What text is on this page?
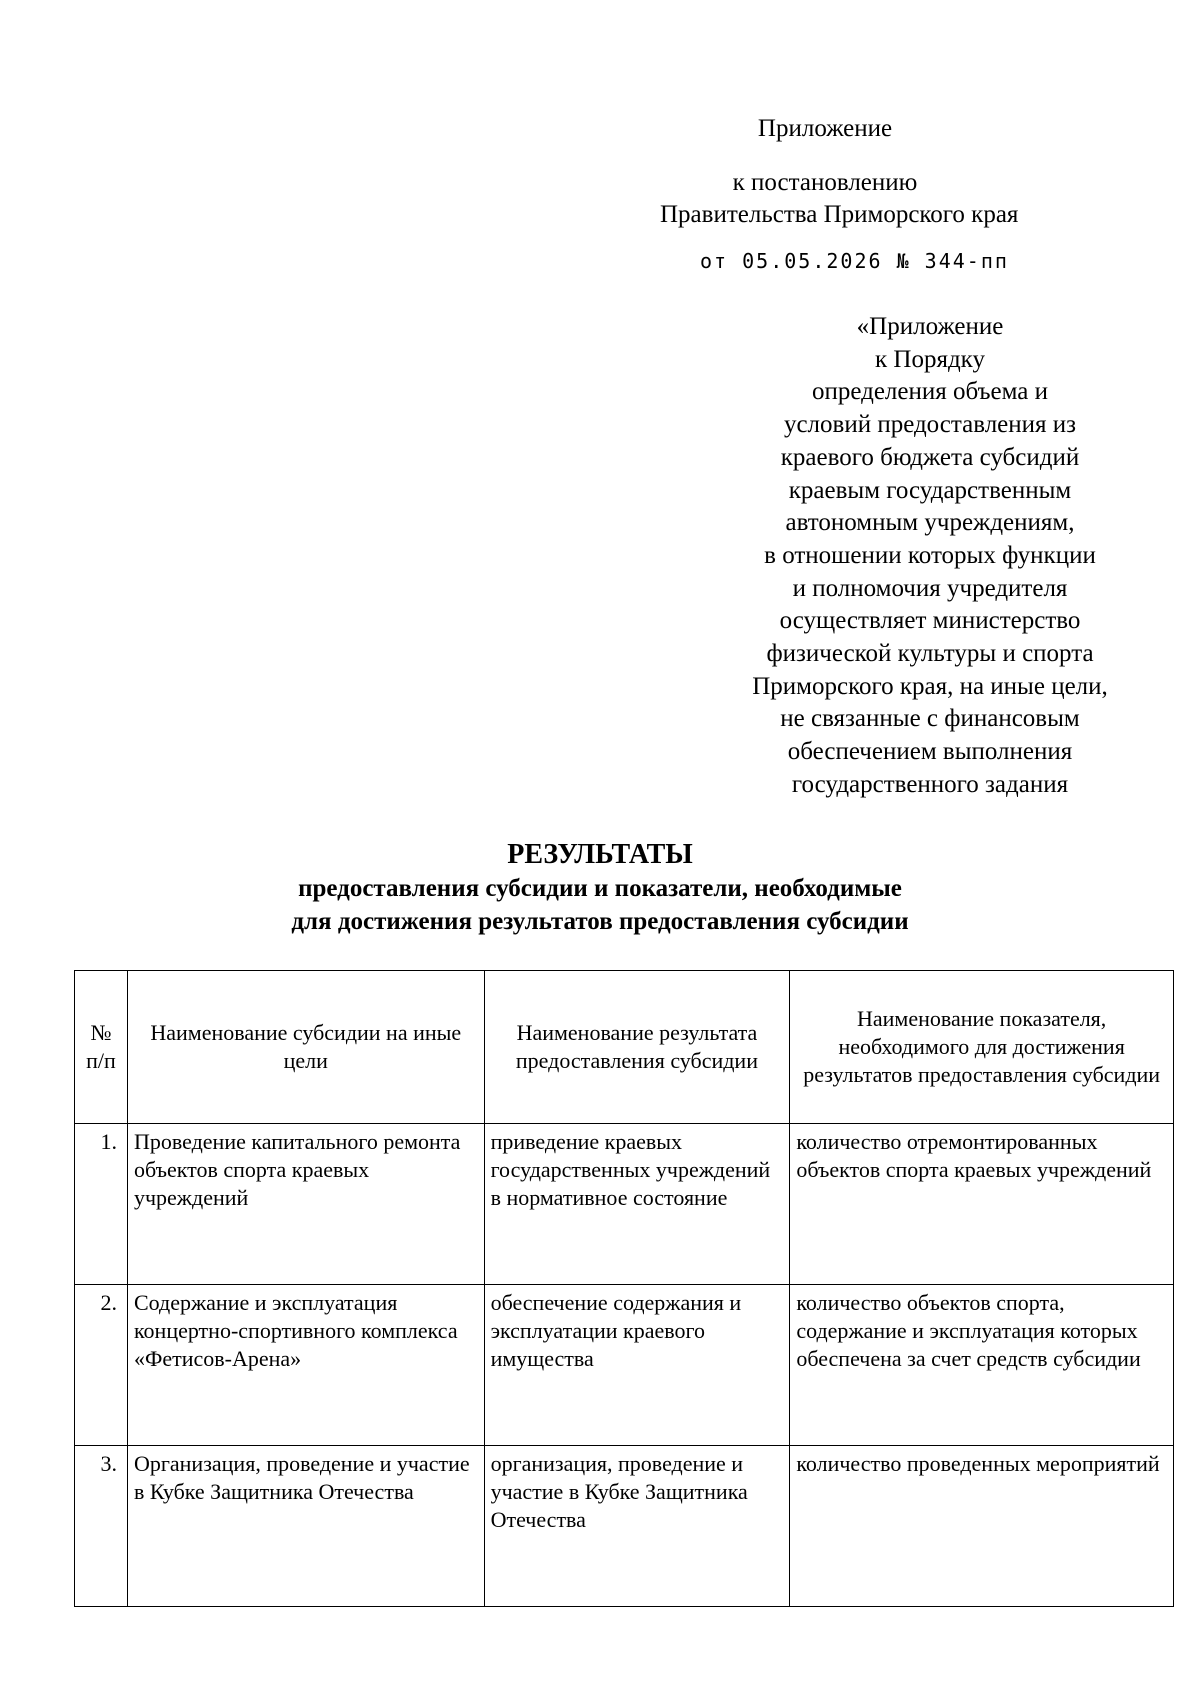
Приложение
к постановлению
Правительства Приморского края
от 05.05.2026 № 344-пп
«Приложение
к Порядку
определения объема и
условий предоставления из
краевого бюджета субсидий
краевым государственным
автономным учреждениям,
в отношении которых функции
и полномочия учредителя
осуществляет министерство
физической культуры и спорта
Приморского края, на иные цели,
не связанные с финансовым
обеспечением выполнения
государственного задания
РЕЗУЛЬТАТЫ
предоставления субсидии и показатели, необходимые
для достижения результатов предоставления субсидии
№ п/п	Наименование субсидии на иные цели	Наименование результата предоставления субсидии	Наименование показателя, необходимого для достижения результатов предоставления субсидии
1.	Проведение капитального ремонта объектов спорта краевых учреждений	приведение краевых государственных учреждений в нормативное состояние	количество отремонтированных объектов спорта краевых учреждений
2.	Содержание и эксплуатация концертно-спортивного комплекса «Фетисов-Арена»	обеспечение содержания и эксплуатации краевого имущества	количество объектов спорта, содержание и эксплуатация которых обеспечена за счет средств субсидии
3.	Организация, проведение и участие в Кубке Защитника Отечества	организация, проведение и участие в Кубке Защитника Отечества	количество проведенных мероприятий
